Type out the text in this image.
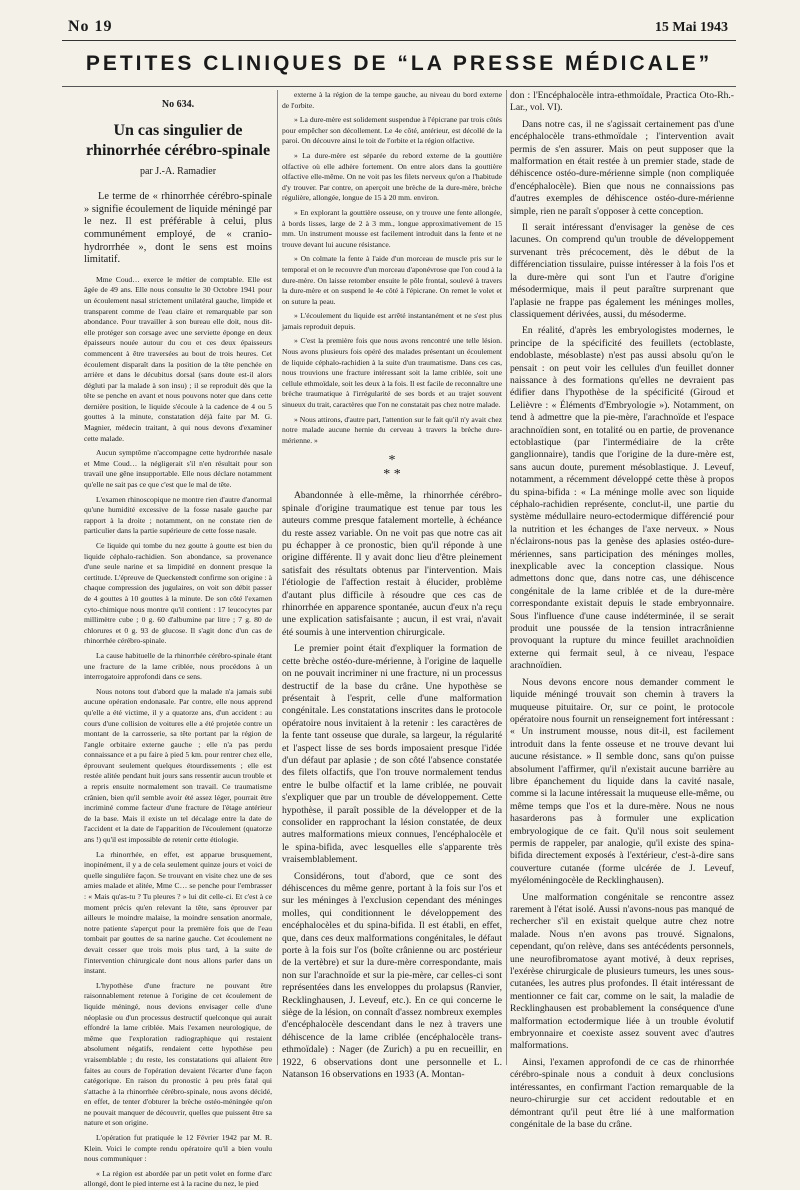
No 19	15 Mai 1943
PETITES CLINIQUES DE “LA PRESSE MÉDICALE”
No 634.
Un cas singulier de rhinorrhée cérébro-spinale
par J.-A. Ramadier
Le terme de « rhinorrhée cérébro-spinale » signifie écoulement de liquide méningé par le nez. Il est préférable à celui, plus communément employé, de « cranio-hydrorrhée », dont le sens est moins limitatif.

Mme Coud… exerce le métier de comptable. Elle est âgée de 49 ans. Elle nous consulte le 30 Octobre 1941 pour un écoulement nasal strictement unilatéral gauche, limpide et transparent comme de l'eau claire et remarquable par son abondance. Pour travailler à son bureau elle doit, nous dit-elle protéger son corsage avec une serviette éponge en deux épaisseurs nouée autour du cou et ces deux épaisseurs commencent à être traversées au bout de trois heures. Cet écoulement disparaît dans la position de la tête penchée en arrière et dans le décubitus dorsal (sans doute est-il alors dégluti par la malade à son insu) ; il se reproduit dès que la tête se penche en avant et nous pouvons noter que dans cette dernière position, le liquide s'écoule à la cadence de 4 ou 5 gouttes à la minute, constatation déjà faite par M. G. Magnier, médecin traitant, à qui nous devons d'examiner cette malade.

Aucun symptôme n'accompagne cette hydrorrhée nasale et Mme Coud… la négligerait s'il n'en résultait pour son travail une gêne insupportable. Elle nous déclare notamment qu'elle ne sait pas ce que c'est que le mal de tête.

L'examen rhinoscopique ne montre rien d'autre d'anormal qu'une humidité excessive de la fosse nasale gauche par rapport à la droite ; notamment, on ne constate rien de particulier dans la partie supérieure de cette fosse nasale.

Ce liquide qui tombe du nez goutte à goutte est bien du liquide céphalo-rachidien. Son abondance, sa provenance d'une seule narine et sa limpidité en donnent presque la certitude. L'épreuve de Queckenstedt confirme son origine : à chaque compression des jugulaires, on voit son débit passer de 4 gouttes à 10 gouttes à la minute. De son côté l'examen cyto-chimique nous montre qu'il contient : 17 leucocytes par millimètre cube ; 0 g. 60 d'albumine par litre ; 7 g. 80 de chlorures et 0 g. 93 de glucose. Il s'agit donc d'un cas de rhinorrhée cérébro-spinale.

La cause habituelle de la rhinorrhée cérébro-spinale étant une fracture de la lame criblée, nous procédons à un interrogatoire approfondi dans ce sens.

Nous notons tout d'abord que la malade n'a jamais subi aucune opération endonasale. Par contre, elle nous apprend qu'elle a été victime, il y a quatorze ans, d'un accident : au cours d'une collision de voitures elle a été projetée contre un montant de la carrosserie, sa tête portant par la région de l'angle orbitaire externe gauche ; elle n'a pas perdu connaissance et a pu faire à pied 5 km. pour rentrer chez elle, éprouvant seulement quelques étourdissements ; elle est restée alitée pendant huit jours sans ressentir aucun trouble et a repris ensuite normalement son travail. Ce traumatisme crânien, bien qu'il semble avoir été assez léger, pourrait être incriminé comme facteur d'une fracture de l'étage antérieur de la base. Mais il existe un tel décalage entre la date de l'accident et la date de l'apparition de l'écoulement (quatorze ans !) qu'il est impossible de retenir cette étiologie.

La rhinorrhée, en effet, est apparue brusquement, inopinément, il y a de cela seulement quinze jours et voici de quelle singulière façon. Se trouvant en visite chez une de ses amies malade et alitée, Mme C… se penche pour l'embrasser : « Mais qu'as-tu ? Tu pleures ? » lui dit celle-ci. Et c'est à ce moment précis qu'en relevant la tête, sans éprouver par ailleurs le moindre malaise, la moindre sensation anormale, notre patiente s'aperçut pour la première fois que de l'eau tombait par gouttes de sa narine gauche. Cet écoulement ne devait cesser que trois mois plus tard, à la suite de l'intervention chirurgicale dont nous allons parler dans un instant.

L'hypothèse d'une fracture ne pouvant être raisonnablement retenue à l'origine de cet écoulement de liquide méningé, nous devions envisager celle d'une néoplasie ou d'un processus destructif quelconque qui aurait effondré la lame criblée. Mais l'examen neurologique, de même que l'exploration radiographique qui restaient absolument négatifs, rendaient cette hypothèse peu vraisemblable ; du reste, les constatations qui allaient être faites au cours de l'opération devaient l'écarter d'une façon catégorique. En raison du pronostic à peu près fatal qui s'attache à la rhinorrhée cérébro-spinale, nous avons décidé, en effet, de tenter d'obturer la brèche ostéo-méningée qu'on ne pouvait manquer de découvrir, quelles que puissent être sa nature et son origine.

L'opération fut pratiquée le 12 Février 1942 par M. R. Klein. Voici le compte rendu opératoire qu'il a bien voulu nous communiquer :

« La région est abordée par un petit volet en forme d'arc allongé, dont le pied interne est à la racine du nez, le pied

externe à la région de la tempe gauche, au niveau du bord externe de l'orbite.

» La dure-mère est solidement suspendue à l'épicrane par trois côtés pour empêcher son décollement. Le 4e côté, antérieur, est décollé de la paroi. On découvre ainsi le toit de l'orbite et la région olfactive.

» La dure-mère est séparée du rebord externe de la gouttière olfactive où elle adhère fortement. On entre alors dans la gouttière olfactive elle-même. On ne voit pas les filets nerveux qu'on a l'habitude d'y trouver. Par contre, on aperçoit une brèche de la dure-mère, brèche régulière, allongée, longue de 15 à 20 mm. environ.

» En explorant la gouttière osseuse, on y trouve une fente allongée, à bords lisses, large de 2 à 3 mm., longue approximativement de 15 mm. Un instrument mousse est facilement introduit dans la fente et ne trouve devant lui aucune résistance.

» On colmate la fente à l'aide d'un morceau de muscle pris sur le temporal et on le recouvre d'un morceau d'aponévrose que l'on coud à la dure-mère. On laisse retomber ensuite le pôle frontal, soulevé à travers la dure-mère et on suspend le 4e côté à l'épicrane. On remet le volet et on suture la peau.

» L'écoulement du liquide est arrêté instantanément et ne s'est plus jamais reproduit depuis.

» C'est la première fois que nous avons rencontré une telle lésion. Nous avons plusieurs fois opéré des malades présentant un écoulement de liquide céphalo-rachidien à la suite d'un traumatisme. Dans ces cas, nous trouvions une fracture intéressant soit la lame criblée, soit une cellule ethmoïdale, soit les deux à la fois. Il est facile de reconnaître une brèche traumatique à l'irrégularité de ses bords et au trajet souvent sinueux du trait, caractères que l'on ne constatait pas chez notre malade.

» Nous attirons, d'autre part, l'attention sur le fait qu'il n'y avait chez notre malade aucune hernie du cerveau à travers la brèche dure-mérienne. »

*
* *

Abandonnée à elle-même, la rhinorrhée cérébro-spinale d'origine traumatique est tenue par tous les auteurs comme presque fatalement mortelle, à échéance du reste assez variable. On ne voit pas que notre cas ait pu échapper à ce pronostic, bien qu'il réponde à une origine différente. Il y avait donc lieu d'être pleinement satisfait des résultats obtenus par l'intervention. Mais l'étiologie de l'affection restait à élucider, problème d'autant plus difficile à résoudre que ces cas de rhinorrhée en apparence spontanée, aucun d'eux n'a reçu une explication satisfaisante ; aucun, il est vrai, n'avait été soumis à une intervention chirurgicale.

Le premier point était d'expliquer la formation de cette brèche ostéo-dure-mérienne, à l'origine de laquelle on ne pouvait incriminer ni une fracture, ni un processus destructif de la base du crâne. Une hypothèse se présentait à l'esprit, celle d'une malformation congénitale. Les constatations inscrites dans le protocole opératoire nous invitaient à la retenir : les caractères de la fente tant osseuse que durale, sa largeur, la régularité et l'aspect lisse de ses bords imposaient presque l'idée d'un défaut par aplasie ; de son côté l'absence constatée des filets olfactifs, que l'on trouve normalement tendus entre le bulbe olfactif et la lame criblée, ne pouvait s'expliquer que par un trouble de développement. Cette hypothèse, il paraît possible de la développer et de la consolider en rapprochant la lésion constatée, de deux autres malformations mieux connues, l'encéphalocèle et le spina-bifida, avec lesquelles elle s'apparente très vraisemblablement.

Considérons, tout d'abord, que ce sont des déhiscences du même genre, portant à la fois sur l'os et sur les méninges à l'exclusion cependant des méninges molles, qui conditionnent le développement des encéphalocèles et du spina-bifida. Il est établi, en effet, que, dans ces deux malformations congénitales, le défaut porte à la fois sur l'os (boîte crânienne ou arc postérieur de la vertèbre) et sur la dure-mère correspondante, mais non sur l'arachnoïde et sur la pie-mère, car celles-ci sont représentées dans les enveloppes du prolapsus (Ranvier, Recklinghausen, J. Leveuf, etc.). En ce qui concerne le siège de la lésion, on connaît d'assez nombreux exemples d'encéphalocèle descendant dans le nez à travers une déhiscence de la lame criblée (encéphalocèle trans-ethmoïdale) : Nager (de Zurich) a pu en recueillir, en 1922, 6 observations dont une personnelle et L. Natanson 16 observations en 1933 (A. Montan-

don : l'Encéphalocèle intra-ethmoïdale, Practica Oto-Rh.-Lar., vol. VI).

Dans notre cas, il ne s'agissait certainement pas d'une encéphalocèle trans-ethmoïdale ; l'intervention avait permis de s'en assurer. Mais on peut supposer que la malformation en était restée à un premier stade, stade de déhiscence ostéo-dure-mérienne simple (non compliquée d'encéphalocèle). Bien que nous ne connaissions pas d'autres exemples de déhiscence ostéo-dure-mérienne simple, rien ne paraît s'opposer à cette conception.

Il serait intéressant d'envisager la genèse de ces lacunes. On comprend qu'un trouble de développement survenant très précocement, dès le début de la différenciation tissulaire, puisse intéresser à la fois l'os et la dure-mère qui sont l'un et l'autre d'origine mésodermique, mais il peut paraître surprenant que l'aplasie ne frappe pas également les méninges molles, classiquement dérivées, aussi, du mésoderme.

En réalité, d'après les embryologistes modernes, le principe de la spécificité des feuillets (ectoblaste, endoblaste, mésoblaste) n'est pas aussi absolu qu'on le pensait : on peut voir les cellules d'un feuillet donner naissance à des formations qu'elles ne devraient pas édifier dans l'hypothèse de la spécificité (Giroud et Lelièvre : « Éléments d'Embryologie »). Notamment, on tend à admettre que la pie-mère, l'arachnoïde et l'espace arachnoïdien sont, en totalité ou en partie, de provenance ectoblastique (par l'intermédiaire de la crête ganglionnaire), tandis que l'origine de la dure-mère est, sans aucun doute, purement mésoblastique. J. Leveuf, notamment, a récemment développé cette thèse à propos du spina-bifida : « La méninge molle avec son liquide céphalo-rachidien représente, conclut-il, une partie du système médullaire neuro-ectodermique différencié pour la nutrition et les échanges de l'axe nerveux. » Nous n'éclairons-nous pas la genèse des aplasies ostéo-dure-mériennes, sans participation des méninges molles, inexplicable avec la conception classique. Nous admettons donc que, dans notre cas, une déhiscence congénitale de la lame criblée et de la dure-mère correspondante existait depuis le stade embryonnaire. Sous l'influence d'une cause indéterminée, il se serait produit une poussée de la tension intracrânienne provoquant la rupture du mince feuillet arachnoïdien externe qui fermait seul, à ce niveau, l'espace arachnoïdien.

Nous devons encore nous demander comment le liquide méningé trouvait son chemin à travers la muqueuse pituitaire. Or, sur ce point, le protocole opératoire nous fournit un renseignement fort intéressant : « Un instrument mousse, nous dit-il, est facilement introduit dans la fente osseuse et ne trouve devant lui aucune résistance. » Il semble donc, sans qu'on puisse absolument l'affirmer, qu'il n'existait aucune barrière au libre épanchement du liquide dans la cavité nasale, comme si la lacune intéressait la muqueuse elle-même, ou même temps que l'os et la dure-mère. Nous ne nous hasarderons pas à formuler une explication embryologique de ce fait. Qu'il nous soit seulement permis de rappeler, par analogie, qu'il existe des spina-bifida directement exposés à l'extérieur, c'est-à-dire sans couverture cutanée (forme ulcérée de J. Leveuf, myéloméningocèle de Recklinghausen).

Une malformation congénitale se rencontre assez rarement à l'état isolé. Aussi n'avons-nous pas manqué de rechercher s'il en existait quelque autre chez notre malade. Nous n'en avons pas trouvé. Signalons, cependant, qu'on relève, dans ses antécédents personnels, une neurofibromatose ayant motivé, à deux reprises, l'exérèse chirurgicale de plusieurs tumeurs, les unes sous-cutanées, les autres plus profondes. Il était intéressant de mentionner ce fait car, comme on le sait, la maladie de Recklinghausen est probablement la conséquence d'une malformation ectodermique liée à un trouble évolutif embryonnaire et coexiste assez souvent avec d'autres malformations.

Ainsi, l'examen approfondi de ce cas de rhinorrhée cérébro-spinale nous a conduit à deux conclusions intéressantes, en confirmant l'action remarquable de la neuro-chirurgie sur cet accident redoutable et en démontrant qu'il peut être lié à une malformation congénitale de la base du crâne.
